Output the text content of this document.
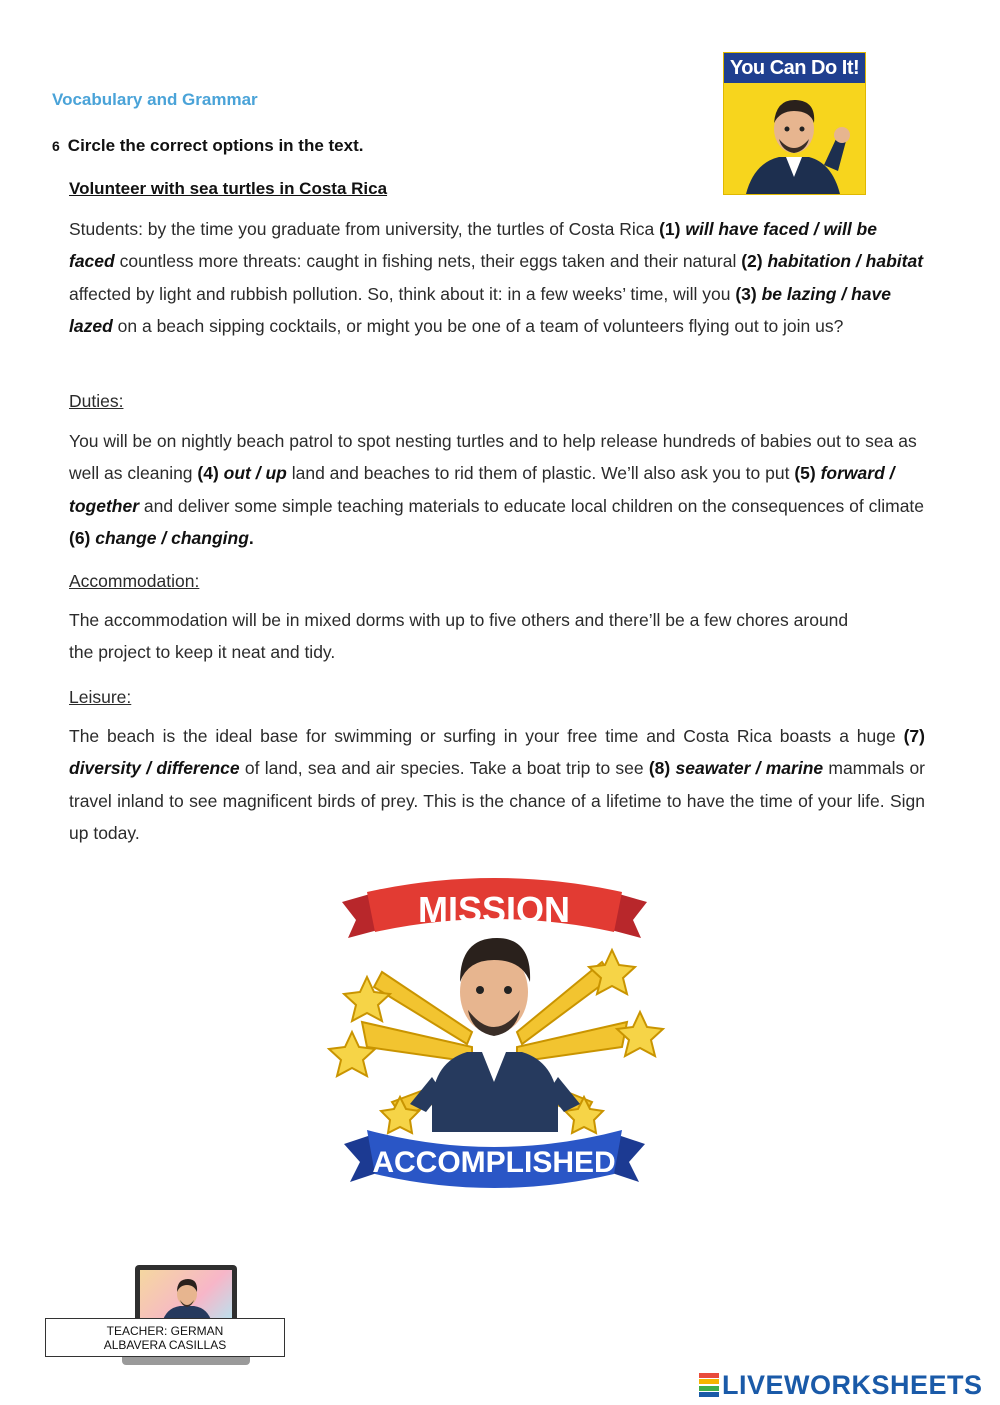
Vocabulary and Grammar
6 Circle the correct options in the text.
Volunteer with sea turtles in Costa Rica
Students: by the time you graduate from university, the turtles of Costa Rica (1) will have faced / will be faced countless more threats: caught in fishing nets, their eggs taken and their natural (2) habitation / habitat affected by light and rubbish pollution. So, think about it: in a few weeks’ time, will you (3) be lazing / have lazed on a beach sipping cocktails, or might you be one of a team of volunteers flying out to join us?
Duties:
You will be on nightly beach patrol to spot nesting turtles and to help release hundreds of babies out to sea as well as cleaning (4) out / up land and beaches to rid them of plastic. We’ll also ask you to put (5) forward / together and deliver some simple teaching materials to educate local children on the consequences of climate (6) change / changing.
Accommodation:
The accommodation will be in mixed dorms with up to five others and there’ll be a few chores around the project to keep it neat and tidy.
Leisure:
The beach is the ideal base for swimming or surfing in your free time and Costa Rica boasts a huge (7) diversity / difference of land, sea and air species. Take a boat trip to see (8) seawater / marine mammals or travel inland to see magnificent birds of prey. This is the chance of a lifetime to have the time of your life. Sign up today.
You Can Do It!
MISSION
ACCOMPLISHED
TEACHER: GERMAN
ALBAVERA CASILLAS
LIVEWORKSHEETS
